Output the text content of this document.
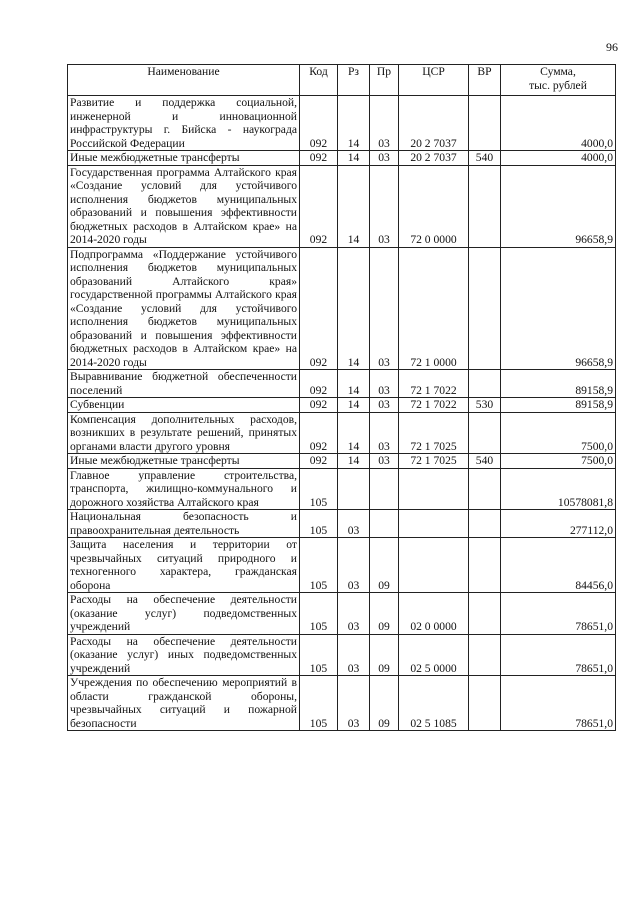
96
Наименование	Код	Рз	Пр	ЦСР	ВР	Сумма,
тыс. рублей
Развитие и поддержка социальной, инженерной и инновационной инфраструктуры г. Бийска - наукограда Российской Федерации	092	14	03	20 2 7037		4000,0
Иные межбюджетные трансферты	092	14	03	20 2 7037	540	4000,0
Государственная программа Алтайского края «Создание условий для устойчивого исполнения бюджетов муниципальных образований и повышения эффективности бюджетных расходов в Алтайском крае» на 2014-2020 годы	092	14	03	72 0 0000		96658,9
Подпрограмма «Поддержание устойчивого исполнения бюджетов муниципальных образований Алтайского края» государственной программы Алтайского края «Создание условий для устойчивого исполнения бюджетов муниципальных образований и повышения эффективности бюджетных расходов в Алтайском крае» на 2014-2020 годы	092	14	03	72 1 0000		96658,9
Выравнивание бюджетной обеспеченности поселений	092	14	03	72 1 7022		89158,9
Субвенции	092	14	03	72 1 7022	530	89158,9
Компенсация дополнительных расходов, возникших в результате решений, принятых органами власти другого уровня	092	14	03	72 1 7025		7500,0
Иные межбюджетные трансферты	092	14	03	72 1 7025	540	7500,0
Главное управление строительства, транспорта, жилищно-коммунального и дорожного хозяйства Алтайского края	105					10578081,8
Национальная безопасность и правоохранительная деятельность	105	03				277112,0
Защита населения и территории от чрезвычайных ситуаций природного и техногенного характера, гражданская оборона	105	03	09			84456,0
Расходы на обеспечение деятельности (оказание услуг) подведомственных учреждений	105	03	09	02 0 0000		78651,0
Расходы на обеспечение деятельности (оказание услуг) иных подведомственных учреждений	105	03	09	02 5 0000		78651,0
Учреждения по обеспечению мероприятий в области гражданской обороны, чрезвычайных ситуаций и пожарной безопасности	105	03	09	02 5 1085		78651,0
